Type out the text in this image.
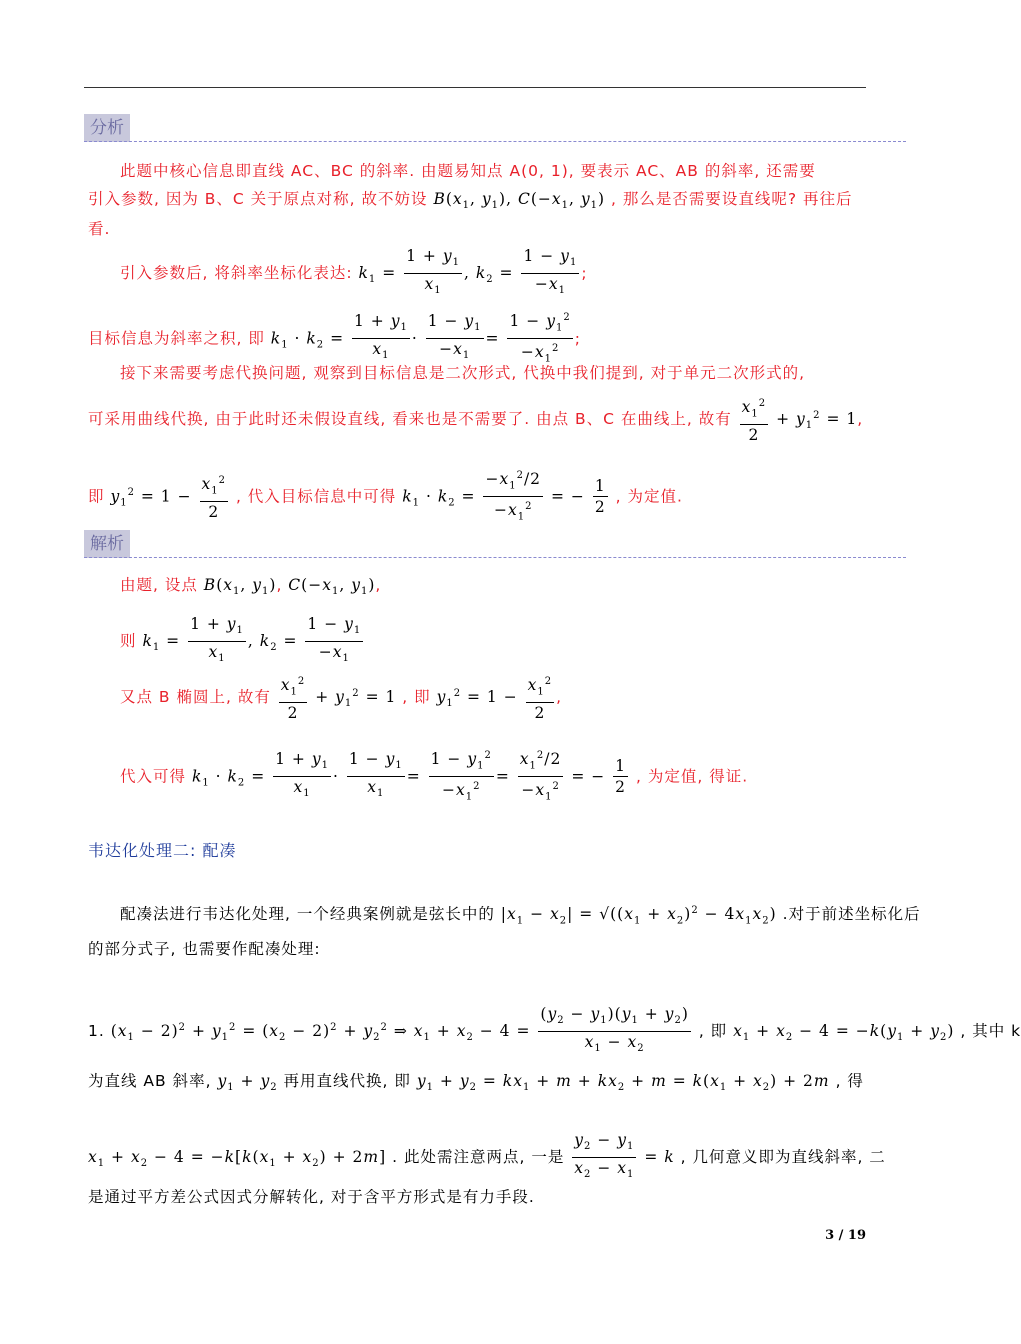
分析
此题中核心信息即直线 AC、BC 的斜率. 由题易知点 A(0, 1), 要表示 AC、AB 的斜率, 还需要
引入参数, 因为 B、C 关于原点对称, 故不妨设 $B(x_1$, $y_1$), $C(-x_1$, $y_1$) , 那么是否需要设直线呢? 再往后
看.
引入参数后, 将斜率坐标化表达: $k_1 = \frac{1 + y_1}{x_1}$ , $k_2 = \frac{1 - y_1}{-x_1}$ ;
目标信息为斜率之积, 即 $k_1 \cdot k_2 = \frac{1 + y_1}{x_1} \cdot \frac{1 - y_1}{-x_1} = \frac{1 - y_1^2}{-x_1^2}$ ;
接下来需要考虑代换问题, 观察到目标信息是二次形式, 代换中我们提到, 对于单元二次形式的,
可采用曲线代换, 由于此时还未假设直线, 看来也是不需要了. 由点 B、C 在曲线上, 故有 $\frac{x_1^2}{2} + y_1^2 = 1$,
即 $y_1^2 = 1 - \frac{x_1^2}{2}$ , 代入目标信息中可得 $k_1 \cdot k_2 = \frac{-x_1^2/2}{-x_1^2}$ = − $\frac{1}{2}$ , 为定值.
解析
由题, 设点 $B(x_1$, $y_1$), $C(-x_1$, $y_1$),
则 $k_1 = \frac{1 + y_1}{x_1}$ , $k_2 = \frac{1 - y_1}{-x_1}$
又点 B 椭圆上, 故有 $\frac{x_1^2}{2} + y_1^2 = 1$ , 即 $y_1^2 = 1 - \frac{x_1^2}{2}$ ,
代入可得 $k_1 \cdot k_2 = \frac{1 + y_1}{x_1} \cdot \frac{1 - y_1}{x_1} = \frac{1 - y_1^2}{-x_1^2} = \frac{x_1^2/2}{-x_1^2}$ = − $\frac{1}{2}$ , 为定值, 得证.
韦达化处理二: 配凑
配凑法进行韦达化处理, 一个经典案例就是弦长中的 $|x_1 - x_2| = √((x_1 + x_2)^2 - 4x_1x_2)$ .对于前述坐标化后
的部分式子, 也需要作配凑处理:
1. $(x_1 - 2)^2 + y_1^2 = (x_2 - 2)^2 + y_2^2$ ⇒ $x_1 + x_2 - 4 = \frac{(y_2 - y_1)(y_1 + y_2)}{x_1 - x_2}$ , 即 $x_1 + x_2 - 4 = -k(y_1 + y_2)$ , 其中 k
为直线 AB 斜率, $y_1 + y_2$ 再用直线代换, 即 $y_1 + y_2 = kx_1 + m + kx_2 + m = k(x_1 + x_2) + 2m$ , 得
$x_1 + x_2 - 4 = -k[k(x_1 + x_2) + 2m]$ . 此处需注意两点, 一是 $\frac{y_2 - y_1}{x_2 - x_1} = k$ , 几何意义即为直线斜率, 二
是通过平方差公式因式分解转化, 对于含平方形式是有力手段.
3 / 19
